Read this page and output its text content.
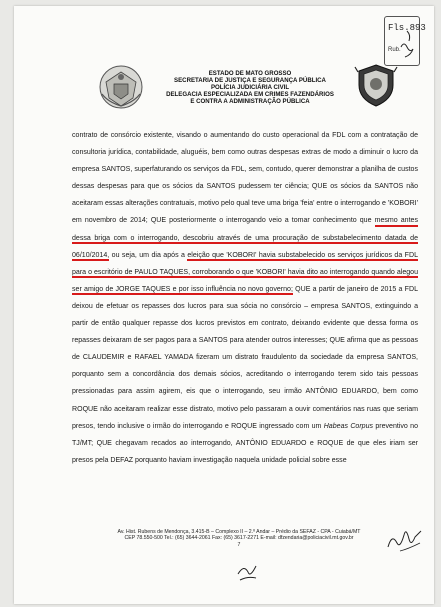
Fls.893
Rub.
ESTADO DE MATO GROSSO
SECRETARIA DE JUSTIÇA E SEGURANÇA PÚBLICA
POLÍCIA JUDICIÁRIA CIVIL
DELEGACIA ESPECIALIZADA EM CRIMES FAZENDÁRIOS
E CONTRA A ADMINISTRAÇÃO PÚBLICA

contrato de consórcio existente, visando o aumentando do custo operacional da FDL com a contratação de consultoria jurídica, contabilidade, aluguéis, bem como outras despesas extras de modo a diminuir o lucro da empresa SANTOS, superfaturando os serviços da FDL, sem, contudo, querer demonstrar a planilha de custos dessas despesas para que os sócios da SANTOS pudessem ter ciência; QUE os sócios da SANTOS não aceitaram essas alterações contratuais, motivo pelo qual teve uma briga 'feia' entre o interrogando e 'KOBORI' em novembro de 2014; QUE posteriormente o interrogando veio a tomar conhecimento que mesmo antes dessa briga com o interrogando, descobriu através de uma procuração de substabelecimento datada de 06/10/2014, ou seja, um dia após a eleição que 'KOBORI' havia substabelecido os serviços jurídicos da FDL para o escritório de PAULO TAQUES, corroborando o que 'KOBORI' havia dito ao interrogando quando alegou ser amigo de JORGE TAQUES e por isso influência no novo governo; QUE a partir de janeiro de 2015 a FDL deixou de efetuar os repasses dos lucros para sua sócia no consórcio – empresa SANTOS, extinguindo a partir de então qualquer repasse dos lucros previstos em contrato, deixando evidente que dessa forma os repasses deixaram de ser pagos para a SANTOS para atender outros interesses; QUE afirma que as pessoas de CLAUDEMIR e RAFAEL YAMADA fizeram um distrato fraudulento da sociedade da empresa SANTOS, porquanto sem a concordância dos demais sócios, acreditando o interrogando terem sido tais pessoas pressionadas para assim agirem, eis que o interrogando, seu irmão ANTÔNIO EDUARDO, bem como ROQUE não aceitaram realizar esse distrato, motivo pelo passaram a ouvir comentários nas ruas que seriam presos, tendo inclusive o irmão do interrogando e ROQUE ingressado com um Habeas Corpus preventivo no TJ/MT; QUE chegavam recados ao interrogando, ANTÔNIO EDUARDO e ROQUE de que eles iriam ser presos pela DEFAZ porquanto haviam investigação naquela unidade policial sobre esse

Av. Hist. Rubens de Mendonça, 3.415-B – Complexo II – 2.º Andar – Prédio da SEFAZ - CPA - Cuiabá/MT
CEP 78.550-500 Tel.: (65) 3644-2061 Fax: (65) 3617-2271 E-mail: dfzendaria@policiacivil.mt.gov.br
7
